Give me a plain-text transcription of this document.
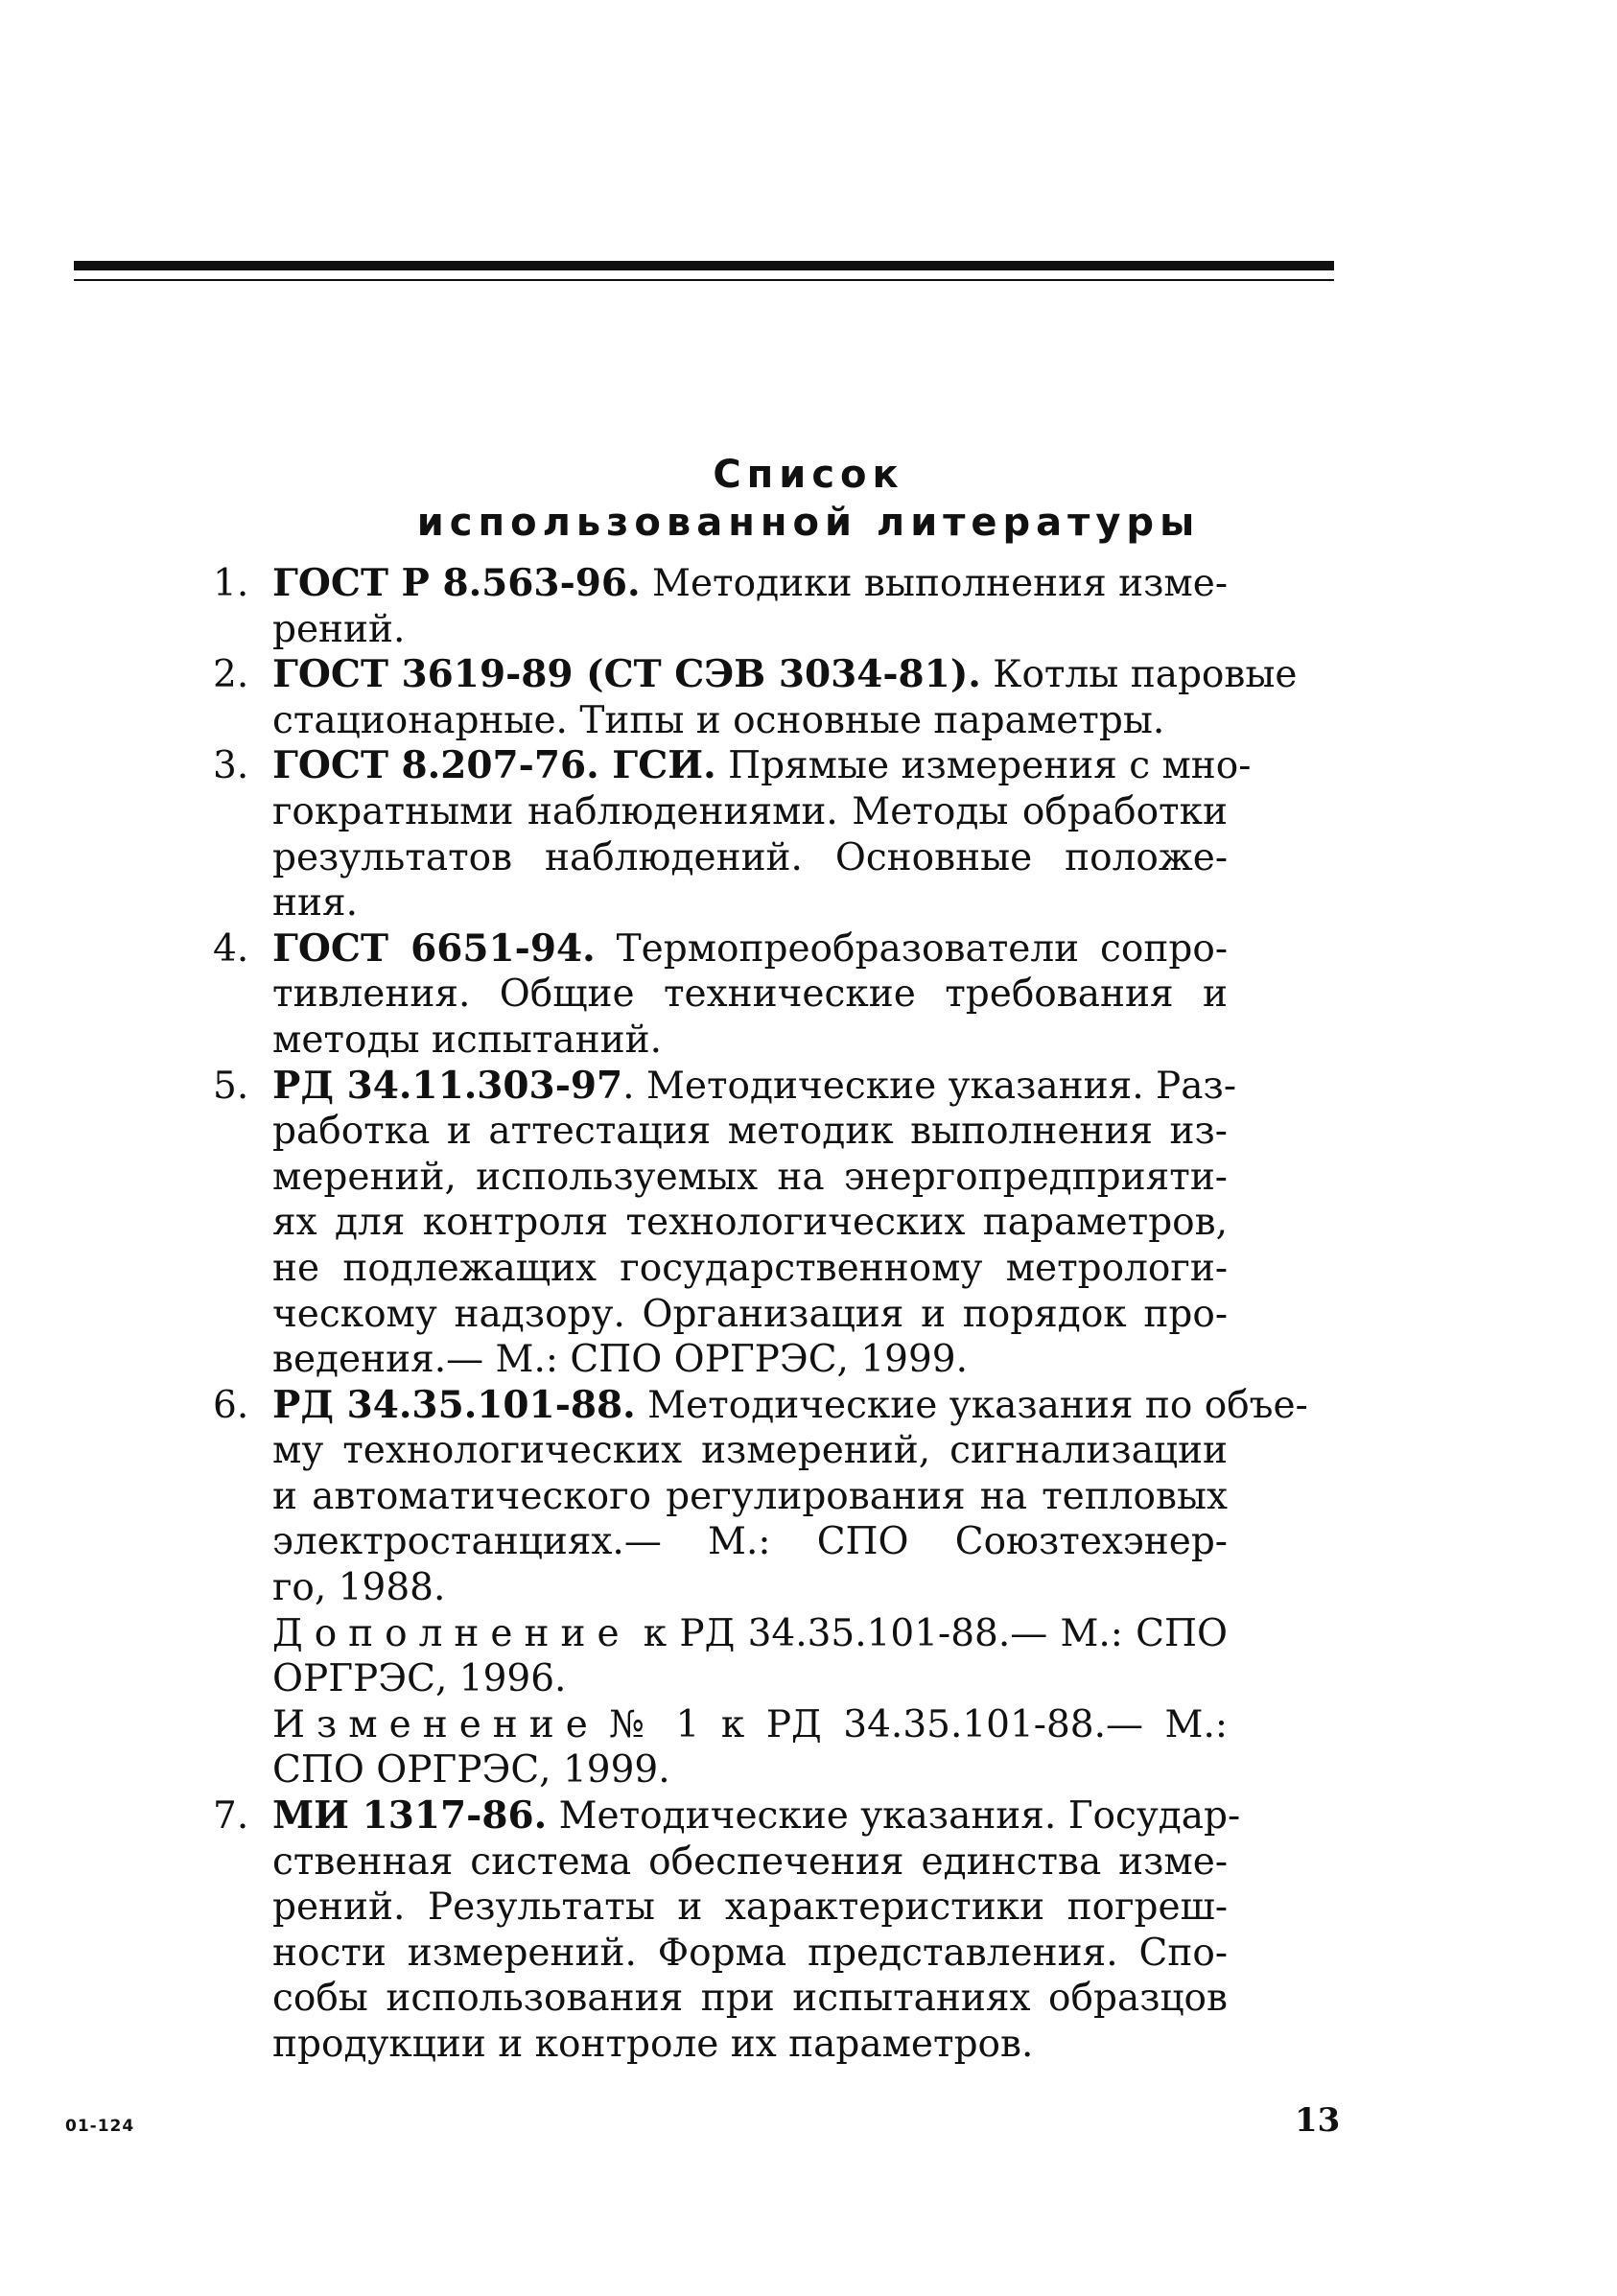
Список
использованной литературы
1. ГОСТ Р 8.563-96. Методики выполнения изме-
рений.
2. ГОСТ 3619-89 (СТ СЭВ 3034-81). Котлы паровые
стационарные. Типы и основные параметры.
3. ГОСТ 8.207-76. ГСИ. Прямые измерения с мно-
гократными наблюдениями. Методы обработки
результатов наблюдений. Основные положе-
ния.
4. ГОСТ 6651-94. Термопреобразователи сопро-
тивления. Общие технические требования и
методы испытаний.
5. РД 34.11.303-97. Методические указания. Раз-
работка и аттестация методик выполнения из-
мерений, используемых на энергопредприяти-
ях для контроля технологических параметров,
не подлежащих государственному метрологи-
ческому надзору. Организация и порядок про-
ведения.— М.: СПО ОРГРЭС, 1999.
6. РД 34.35.101-88. Методические указания по объе-
му технологических измерений, сигнализации
и автоматического регулирования на тепловых
электростанциях.— М.: СПО Союзтехэнер-
го, 1988.
Дополнение к РД 34.35.101-88.— М.: СПО
ОРГРЭС, 1996.
Изменение№ 1 к РД 34.35.101-88.— М.:
СПО ОРГРЭС, 1999.
7. МИ 1317-86. Методические указания. Государ-
ственная система обеспечения единства изме-
рений. Результаты и характеристики погреш-
ности измерений. Форма представления. Спо-
собы использования при испытаниях образцов
продукции и контроле их параметров.
01-124	13
